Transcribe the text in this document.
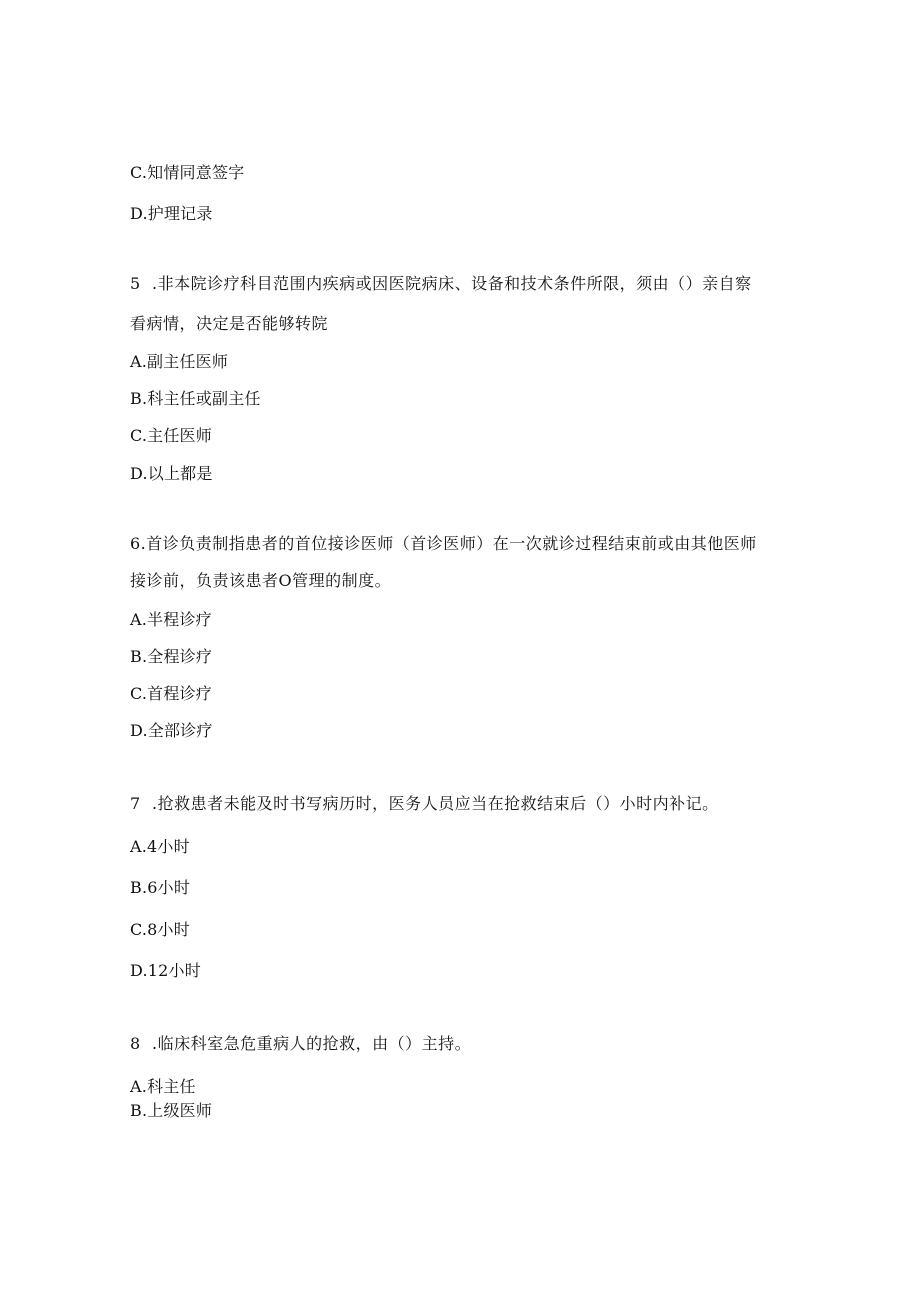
C.知情同意签字
D.护理记录
5 .非本院诊疗科目范围内疾病或因医院病床、设备和技术条件所限，须由（）亲自察
看病情，决定是否能够转院
A.副主任医师
B.科主任或副主任
C.主任医师
D.以上都是
6.首诊负责制指患者的首位接诊医师（首诊医师）在一次就诊过程结束前或由其他医师
接诊前，负责该患者O管理的制度。
A.半程诊疗
B.全程诊疗
C.首程诊疗
D.全部诊疗
7 .抢救患者未能及时书写病历时，医务人员应当在抢救结束后（）小时内补记。
A.4小时
B.6小时
C.8小时
D.12小时
8 .临床科室急危重病人的抢救，由（）主持。
A.科主任
B.上级医师
